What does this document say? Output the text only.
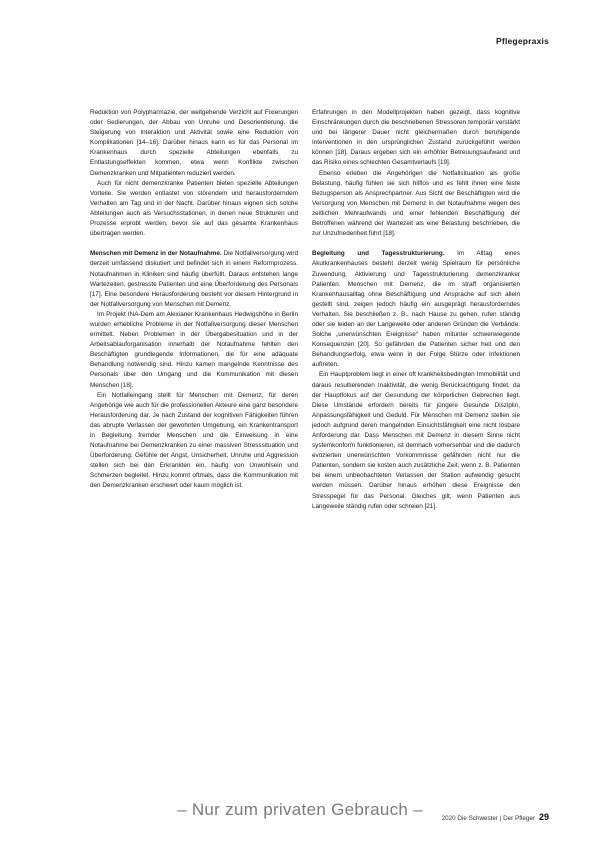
Pflegepraxis

Reduktion von Polypharmazie, der weitgehende Verzicht auf Fixierungen oder Sedierungen, der Abbau von Unruhe und Desorientierung, die Steigerung von Interaktion und Aktivität sowie eine Reduktion von Komplikationen [14–16]. Darüber hinaus kann es für das Personal im Krankenhaus durch spezielle Abteilungen ebenfalls zu Entlastungseffekten kommen, etwa wenn Konflikte zwischen Demenzkranken und Mitpatienten reduziert werden.

Auch für nicht demenzkranke Patienten bieten spezielle Abteilungen Vorteile. Sie werden entlastet von störendem und herausforderndem Verhalten am Tag und in der Nacht. Darüber hinaus eignen sich solche Abteilungen auch als Versuchsstationen, in denen neue Strukturen und Prozesse erprobt werden, bevor sie auf das gesamte Krankenhaus übertragen werden.

Menschen mit Demenz in der Notaufnahme. Die Notfallversorgung wird derzeit umfassend diskutiert und befindet sich in einem Reformprozess. Notaufnahmen in Kliniken sind häufig überfüllt. Daraus entstehen lange Wartezeiten, gestresste Patienten und eine Überforderung des Personals [17]. Eine besondere Herausforderung besteht vor diesem Hintergrund in der Notfallversorgung von Menschen mit Demenz.

Im Projekt INA-Dem am Alexianer Krankenhaus Hedwigshöhe in Berlin wurden erhebliche Probleme in der Notfallversorgung dieser Menschen ermittelt. Neben Problemen in der Übergabesituation und in der Arbeitsablauforganisation innerhalb der Notaufnahme fehlten den Beschäftigten grundlegende Informationen, die für eine adäquate Behandlung notwendig sind. Hinzu kamen mangelnde Kenntnisse des Personals über den Umgang und die Kommunikation mit diesen Menschen [18].

Ein Notfalleingang stellt für Menschen mit Demenz, für deren Angehörige wie auch für die professionellen Akteure eine ganz besondere Herausforderung dar. Je nach Zustand der kognitiven Fähigkeiten führen das abrupte Verlassen der gewohnten Umgebung, ein Krankentransport in Begleitung fremder Menschen und die Einweisung in eine Notaufnahme bei Demenzkranken zu einer massiven Stresssituation und Überforderung: Gefühle der Angst, Unsicherheit, Unruhe und Aggression stellen sich bei den Erkrankten ein, häufig von Unwohlsein und Schmerzen begleitet. Hinzu kommt oftmals, dass die Kommunikation mit den Demenzkranken erschwert oder kaum möglich ist.

Erfahrungen in den Modellprojekten haben gezeigt, dass kognitive Einschränkungen durch die beschriebenen Stressoren temporär verstärkt und bei längerer Dauer nicht gleichermaßen durch beruhigende Interventionen in den ursprünglichen Zustand zurückgeführt werden können [18]. Daraus ergeben sich ein erhöhter Betreuungsaufwand und das Risiko eines schlechten Gesamtverlaufs [19].

Ebenso erleben die Angehörigen die Notfallsituation als große Belastung, häufig fühlen sie sich hilflos und es fehlt ihnen eine feste Bezugsperson als Ansprechpartner. Aus Sicht der Beschäftigten wird die Versorgung von Menschen mit Demenz in der Notaufnahme wegen des zeitlichen Mehraufwands und einer fehlenden Beschäftigung der Betroffenen während der Wartezeit als eine Belastung beschrieben, die zur Unzufriedenheit führt [18].

Begleitung und Tagesstrukturierung. Im Alltag eines Akutkrankenhauses besteht derzeit wenig Spielraum für persönliche Zuwendung, Aktivierung und Tagesstrukturierung demenzkranker Patienten. Menschen mit Demenz, die im straff organisierten Krankenhausalltag ohne Beschäftigung und Ansprache auf sich allein gestellt sind, zeigen jedoch häufig ein ausgeprägt herausforderndes Verhalten. Sie beschließen z. B., nach Hause zu gehen, rufen ständig oder sie leiden an der Langeweile oder anderen Gründen die Verbände. Solche „unerwünschten Ereignisse“ haben mitunter schwerwiegende Konsequenzen [20]. So gefährden die Patienten sicher heit und den Behandlungserfolg, etwa wenn in der Folge Stürze oder Infektionen auftreten.

Ein Hauptproblem liegt in einer oft krankheitsbedingten Immobilität und daraus resultierenden Inaktivität, die wenig Berücksichtigung findet, da der Hauptfokus auf der Gesundung der körperlichen Gebrechen liegt. Diese Umstände erfordern bereits für jüngere Gesunde Disziplin, Anpassungsfähigkeit und Geduld. Für Menschen mit Demenz stellen sie jedoch aufgrund deren mangelnden Einsichtsfähigkeit eine nicht lösbare Anforderung dar. Dass Menschen mit Demenz in diesem Sinne nicht systemkonform funktionieren, ist demnach vorhersehbar und die dadurch evozierten unerwünschten Vorkommnisse gefährden nicht nur die Patienten, sondern sie kosten auch zusätzliche Zeit, wenn z. B. Patienten bei einem unbeobachteten Verlassen der Station aufwendig gesucht werden müssen. Darüber hinaus erhöhen diese Ereignisse den Stresspegel für das Personal. Gleiches gilt, wenn Patienten aus Langeweile ständig rufen oder schreien [21].

– Nur zum privaten Gebrauch –	2020 Die Schwester | Der Pfleger 29
